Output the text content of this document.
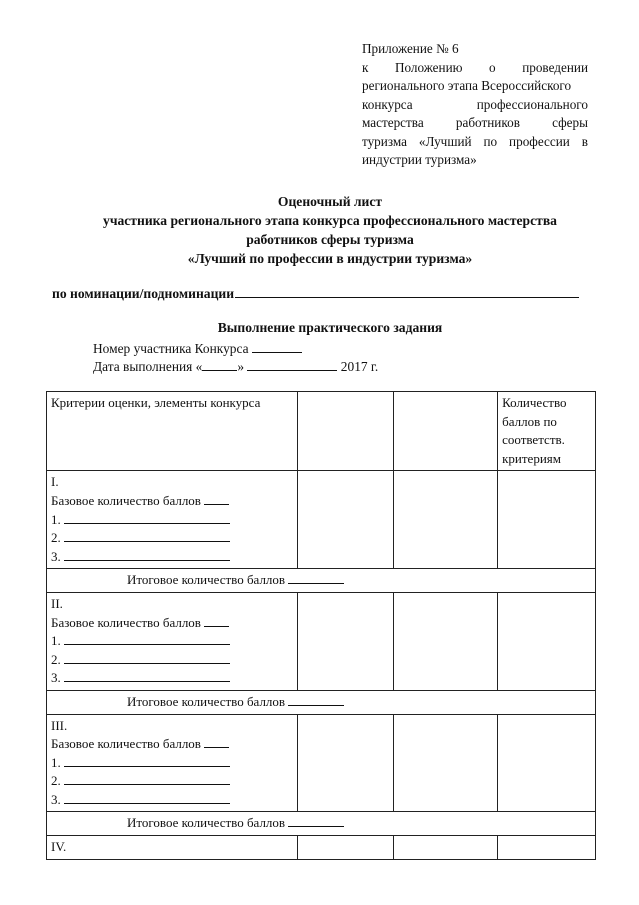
Приложение № 6
к Положению о проведении
регионального этапа Всероссийского
конкурса профессионального
мастерства работников сферы
туризма «Лучший по профессии в
индустрии туризма»
Оценочный лист
участника регионального этапа конкурса профессионального мастерства
работников сферы туризма
«Лучший по профессии в индустрии туризма»
по номинации/подноминации
Выполнение практического задания
Номер участника Конкурса
Дата выполнения «	»	2017 г.
Критерии оценки, элементы конкурса			Количество баллов по соответств. критериям

I.
Базовое количество баллов
1.
2.
3.			

Итоговое количество баллов			

II.
Базовое количество баллов
1.
2.
3.			

Итоговое количество баллов			

III.
Базовое количество баллов
1.
2.
3.			

Итоговое количество баллов			
IV.			
